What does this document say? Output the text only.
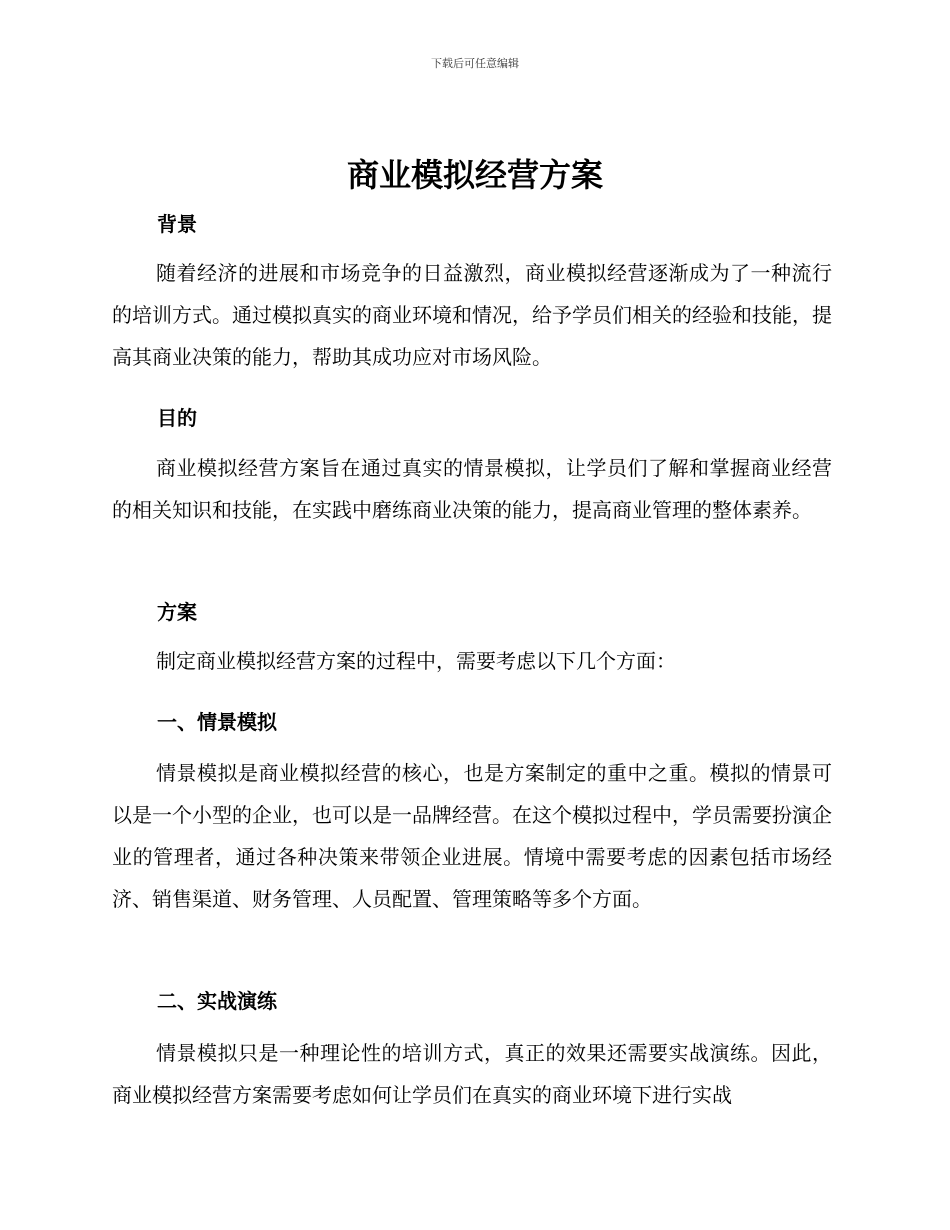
下载后可任意编辑
商业模拟经营方案
背景

随着经济的进展和市场竞争的日益激烈，商业模拟经营逐渐成为了一种流行的培训方式。通过模拟真实的商业环境和情况，给予学员们相关的经验和技能，提高其商业决策的能力，帮助其成功应对市场风险。

目的

商业模拟经营方案旨在通过真实的情景模拟，让学员们了解和掌握商业经营的相关知识和技能，在实践中磨练商业决策的能力，提高商业管理的整体素养。

方案

制定商业模拟经营方案的过程中，需要考虑以下几个方面：

一、情景模拟

情景模拟是商业模拟经营的核心，也是方案制定的重中之重。模拟的情景可以是一个小型的企业，也可以是一品牌经营。在这个模拟过程中，学员需要扮演企业的管理者，通过各种决策来带领企业进展。情境中需要考虑的因素包括市场经济、销售渠道、财务管理、人员配置、管理策略等多个方面。

二、实战演练

情景模拟只是一种理论性的培训方式，真正的效果还需要实战演练。因此，商业模拟经营方案需要考虑如何让学员们在真实的商业环境下进行实战
